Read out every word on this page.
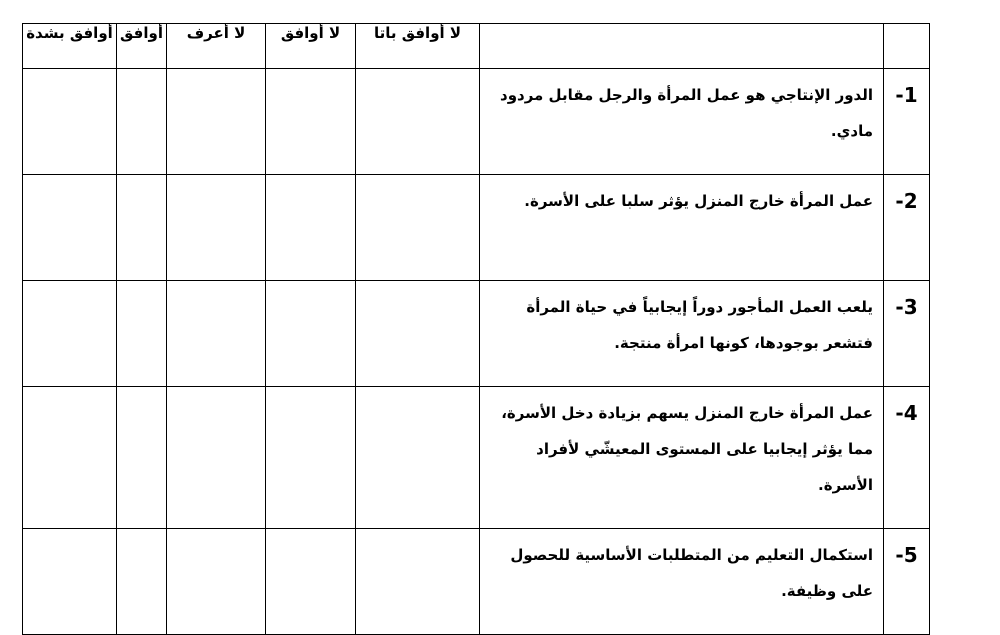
أوافق بشدة	أوافق	لا أعرف	لا أوافق	لا أوافق باتا		
					الدور الإنتاجي هو عمل المرأة والرجل مقابل مردود مادي.	-1
					عمل المرأة خارج المنزل يؤثر سلبا على الأسرة.	-2
					يلعب العمل المأجور دوراً إيجابياً في حياة المرأة فتشعر بوجودها، كونها امرأة منتجة.	-3
					عمل المرأة خارج المنزل يسهم بزيادة دخل الأسرة، مما يؤثر إيجابيا على المستوى المعيشّي لأفراد الأسرة.	-4
					استكمال التعليم من المتطلبات الأساسية للحصول على وظيفة.	-5
